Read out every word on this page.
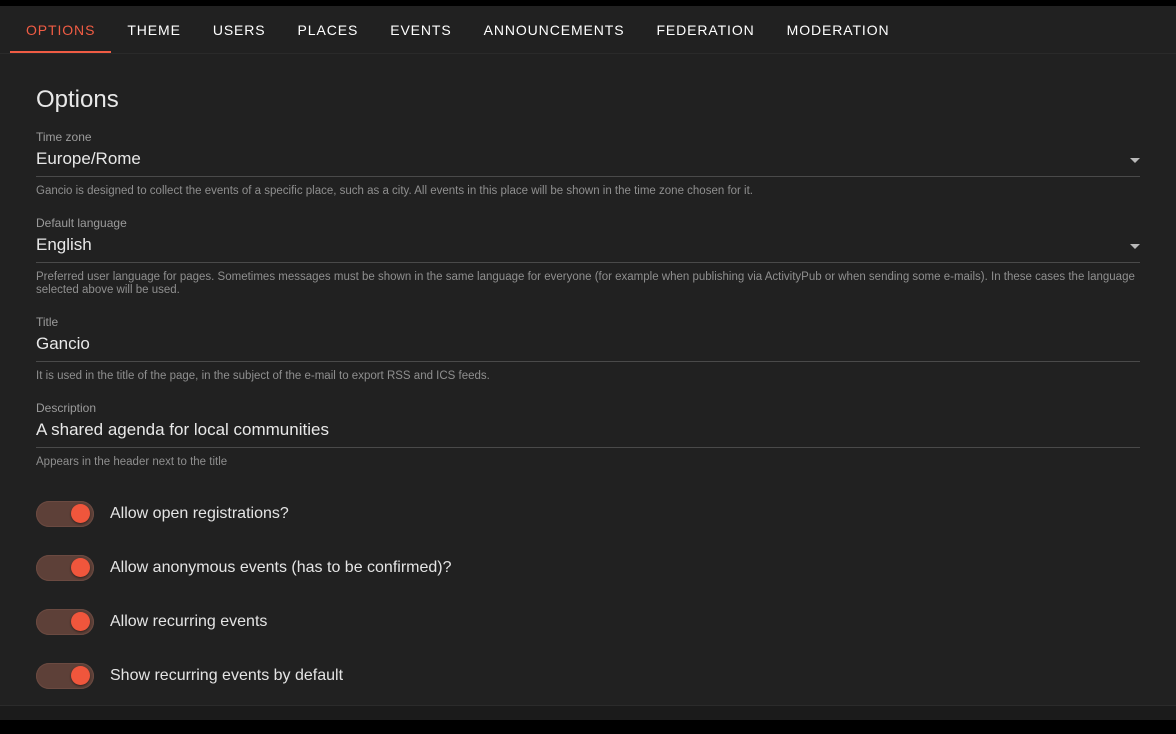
OPTIONS THEME USERS PLACES EVENTS ANNOUNCEMENTS FEDERATION MODERATION
Options
Time zone
Europe/Rome
Gancio is designed to collect the events of a specific place, such as a city. All events in this place will be shown in the time zone chosen for it.
Default language
English
Preferred user language for pages. Sometimes messages must be shown in the same language for everyone (for example when publishing via ActivityPub or when sending some e-mails). In these cases the language selected above will be used.
Title
Gancio
It is used in the title of the page, in the subject of the e-mail to export RSS and ICS feeds.
Description
A shared agenda for local communities
Appears in the header next to the title
Allow open registrations?
Allow anonymous events (has to be confirmed)?
Allow recurring events
Show recurring events by default
